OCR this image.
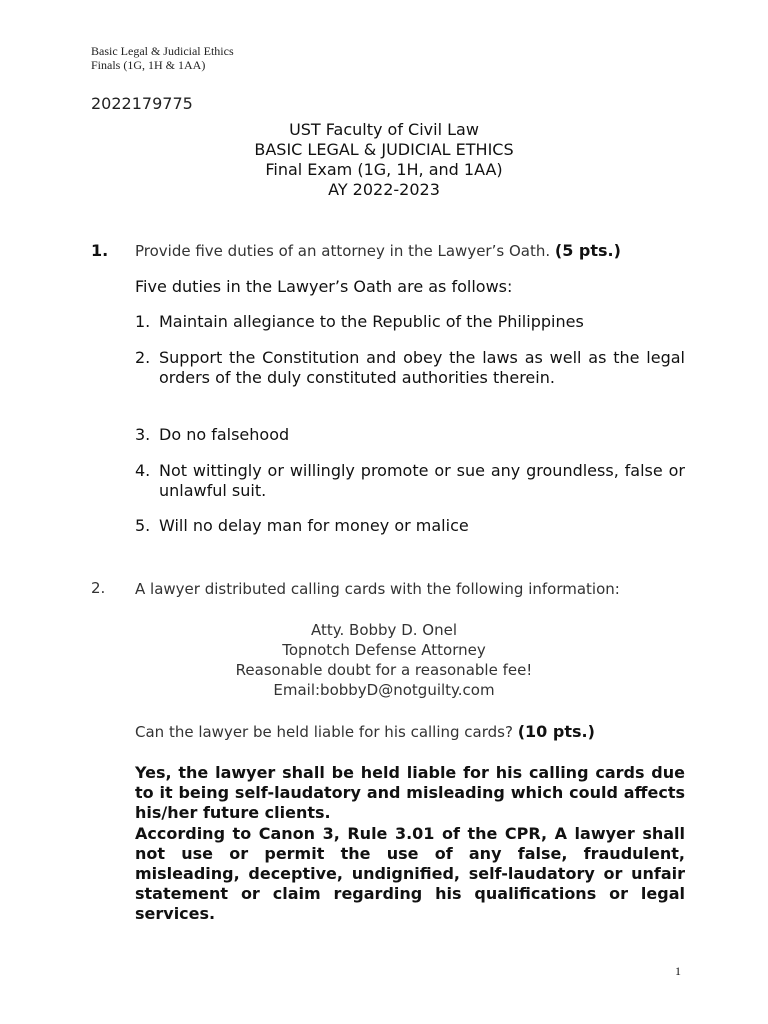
Basic Legal & Judicial Ethics
Finals (1G, 1H & 1AA)
2022179775
UST Faculty of Civil Law
BASIC LEGAL & JUDICIAL ETHICS
Final Exam (1G, 1H, and 1AA)
AY 2022-2023
1. Provide five duties of an attorney in the Lawyer’s Oath. (5 pts.)
Five duties in the Lawyer’s Oath are as follows:
1. Maintain allegiance to the Republic of the Philippines
2. Support the Constitution and obey the laws as well as the legal orders of the duly constituted authorities therein.
3. Do no falsehood
4. Not wittingly or willingly promote or sue any groundless, false or unlawful suit.
5. Will no delay man for money or malice
2. A lawyer distributed calling cards with the following information:
Atty. Bobby D. Onel
Topnotch Defense Attorney
Reasonable doubt for a reasonable fee!
Email:bobbyD@notguilty.com
Can the lawyer be held liable for his calling cards? (10 pts.)
Yes, the lawyer shall be held liable for his calling cards due to it being self-laudatory and misleading which could affects his/her future clients.
According to Canon 3, Rule 3.01 of the CPR, A lawyer shall not use or permit the use of any false, fraudulent, misleading, deceptive, undignified, self-laudatory or unfair statement or claim regarding his qualifications or legal services.
1
